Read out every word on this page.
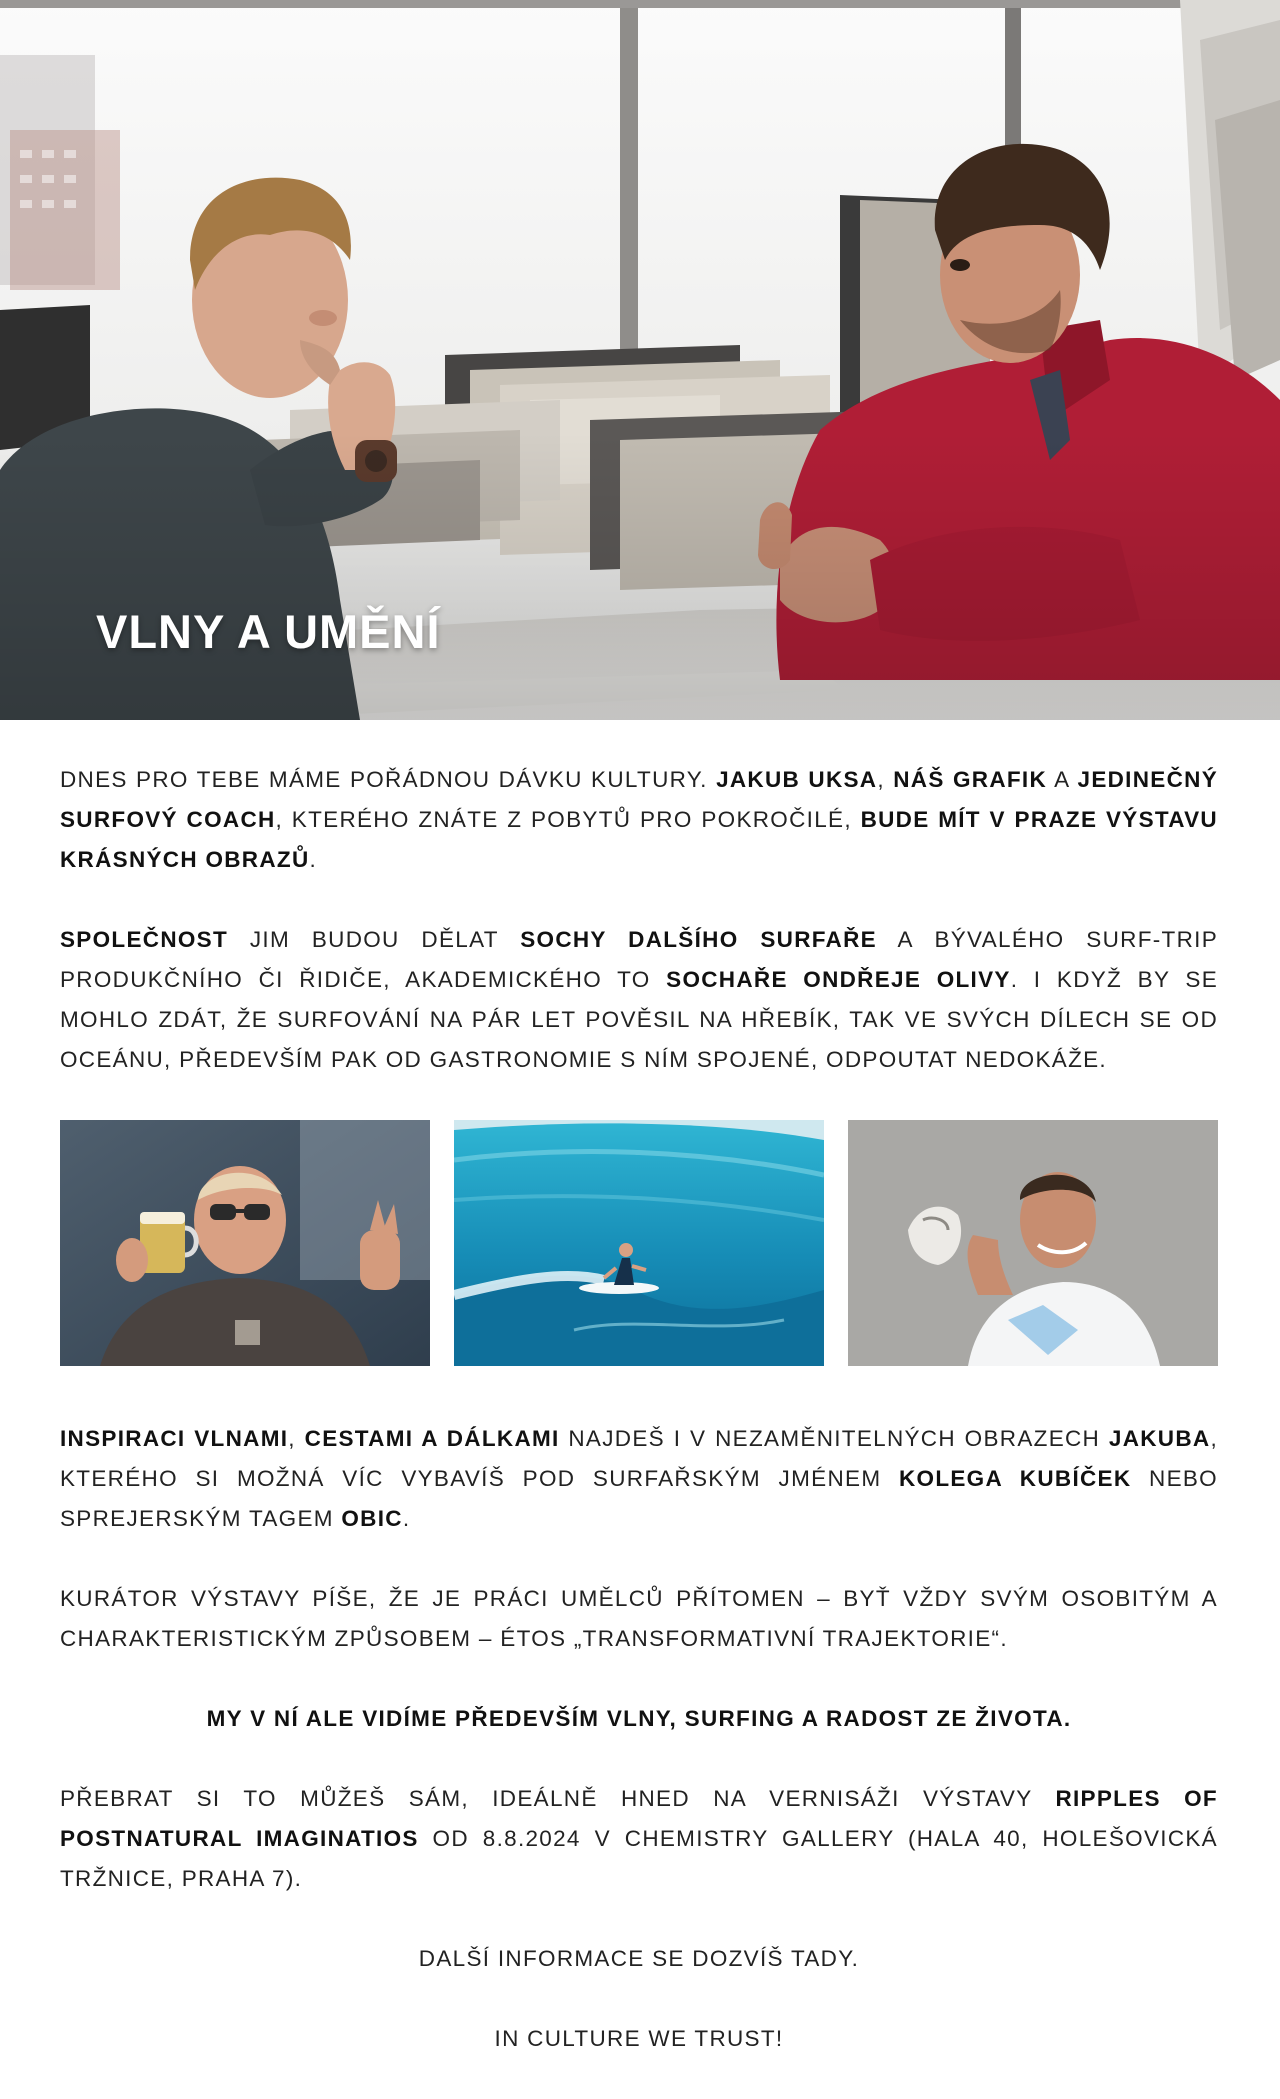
VLNY A UMĚNÍ

DNES PRO TEBE MÁME POŘÁDNOU DÁVKU KULTURY. JAKUB UKSA, NÁŠ GRAFIK A JEDINEČNÝ SURFOVÝ COACH, KTERÉHO ZNÁTE Z POBYTŮ PRO POKROČILÉ, BUDE MÍT V PRAZE VÝSTAVU KRÁSNÝCH OBRAZŮ.

SPOLEČNOST JIM BUDOU DĚLAT SOCHY DALŠÍHO SURFAŘE A BÝVALÉHO SURF-TRIP PRODUKČNÍHO ČI ŘIDIČE, AKADEMICKÉHO TO SOCHAŘE ONDŘEJE OLIVY. I KDYŽ BY SE MOHLO ZDÁT, ŽE SURFOVÁNÍ NA PÁR LET POVĚSIL NA HŘEBÍK, TAK VE SVÝCH DÍLECH SE OD OCEÁNU, PŘEDEVŠÍM PAK OD GASTRONOMIE S NÍM SPOJENÉ, ODPOUTAT NEDOKÁŽE.

INSPIRACI VLNAMI, CESTAMI A DÁLKAMI NAJDEŠ I V NEZAMĚNITELNÝCH OBRAZECH JAKUBA, KTERÉHO SI MOŽNÁ VÍC VYBAVÍŠ POD SURFAŘSKÝM JMÉNEM KOLEGA KUBÍČEK NEBO SPREJERSKÝM TAGEM OBIC.

KURÁTOR VÝSTAVY PÍŠE, ŽE JE PRÁCI UMĚLCŮ PŘÍTOMEN – BYŤ VŽDY SVÝM OSOBITÝM A CHARAKTERISTICKÝM ZPŮSOBEM – ÉTOS „TRANSFORMATIVNÍ TRAJEKTORIE“.

MY V NÍ ALE VIDÍME PŘEDEVŠÍM VLNY, SURFING A RADOST ZE ŽIVOTA.

PŘEBRAT SI TO MŮŽEŠ SÁM, IDEÁLNĚ HNED NA VERNISÁŽI VÝSTAVY RIPPLES OF POSTNATURAL IMAGINATIOS OD 8.8.2024 V CHEMISTRY GALLERY (HALA 40, HOLEŠOVICKÁ TRŽNICE, PRAHA 7).

DALŠÍ INFORMACE SE DOZVÍŠ TADY.

IN CULTURE WE TRUST!
